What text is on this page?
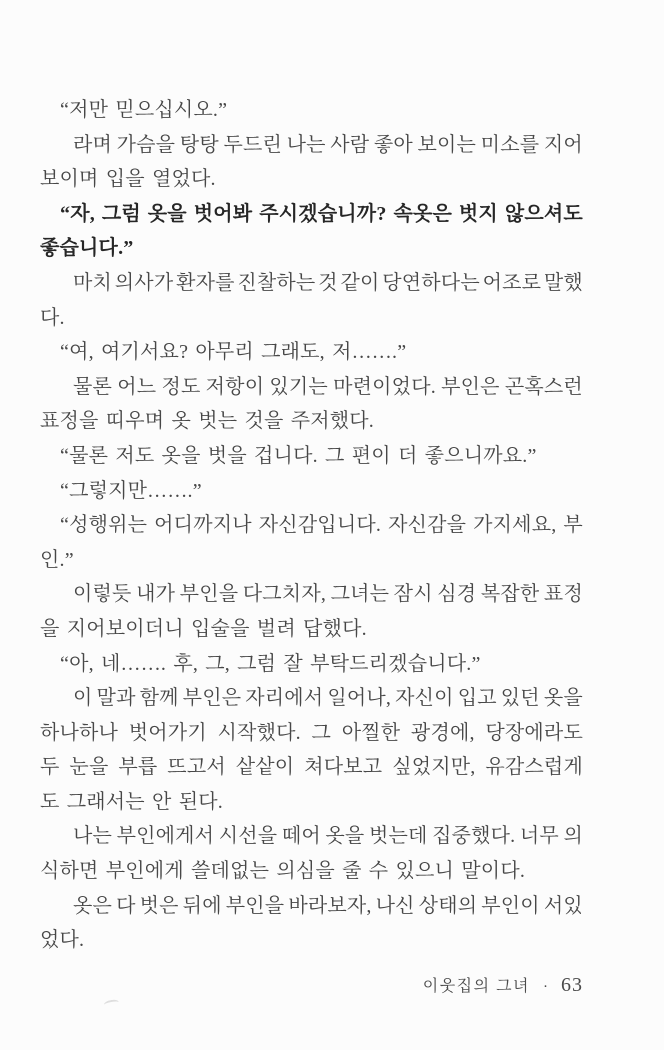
“저만 믿으십시오.”
라며 가슴을 탕탕 두드린 나는 사람 좋아 보이는 미소를 지어
보이며 입을 열었다.
“자, 그럼 옷을 벗어봐 주시겠습니까? 속옷은 벗지 않으셔도
좋습니다.”
마치 의사가 환자를 진찰하는 것 같이 당연하다는 어조로 말했
다.
“여, 여기서요? 아무리 그래도, 저…….”
물론 어느 정도 저항이 있기는 마련이었다. 부인은 곤혹스런
표정을 띠우며 옷 벗는 것을 주저했다.
“물론 저도 옷을 벗을 겁니다. 그 편이 더 좋으니까요.”
“그렇지만…….”
“성행위는 어디까지나 자신감입니다. 자신감을 가지세요, 부
인.”
이렇듯 내가 부인을 다그치자, 그녀는 잠시 심경 복잡한 표정
을 지어보이더니 입술을 벌려 답했다.
“아, 네……. 후, 그, 그럼 잘 부탁드리겠습니다.”
이 말과 함께 부인은 자리에서 일어나, 자신이 입고 있던 옷을
하나하나 벗어가기 시작했다. 그 아찔한 광경에, 당장에라도
두 눈을 부릅 뜨고서 샅샅이 쳐다보고 싶었지만, 유감스럽게
도 그래서는 안 된다.
나는 부인에게서 시선을 떼어 옷을 벗는데 집중했다. 너무 의
식하면 부인에게 쓸데없는 의심을 줄 수 있으니 말이다.
옷은 다 벗은 뒤에 부인을 바라보자, 나신 상태의 부인이 서있
었다.
이웃집의 그녀 · 63
